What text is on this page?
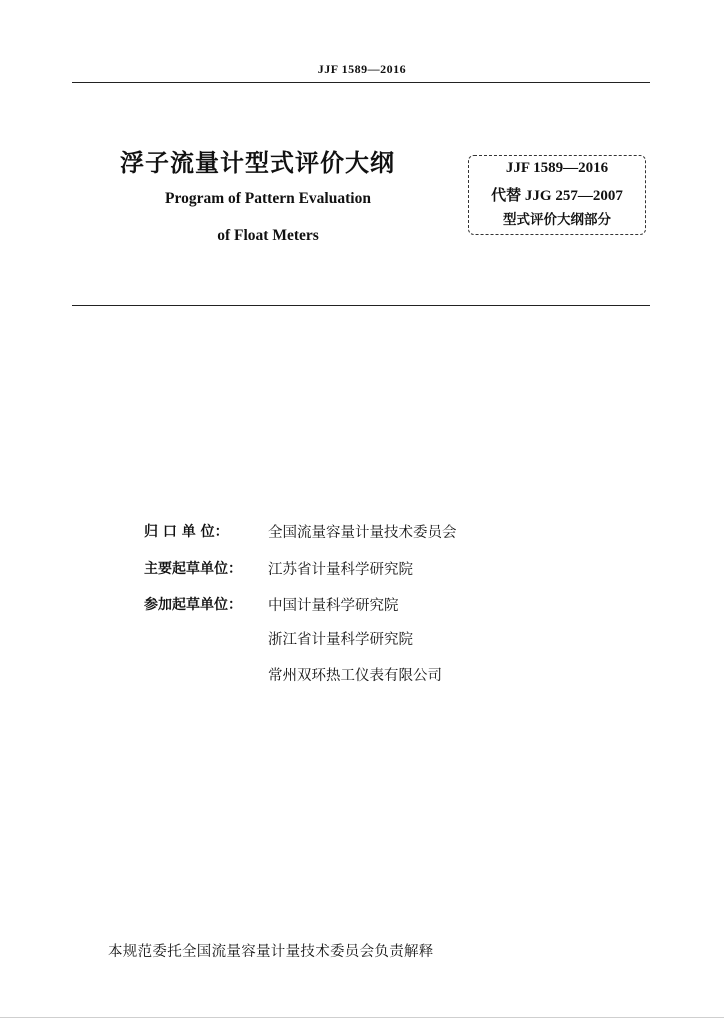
JJF 1589—2016
浮子流量计型式评价大纲
Program of Pattern Evaluation
of Float Meters
JJF 1589—2016
代替 JJG 257—2007
型式评价大纲部分
归 口 单 位：	全国流量容量计量技术委员会
主要起草单位：	江苏省计量科学研究院
参加起草单位：	中国计量科学研究院
浙江省计量科学研究院
常州双环热工仪表有限公司
本规范委托全国流量容量计量技术委员会负责解释
